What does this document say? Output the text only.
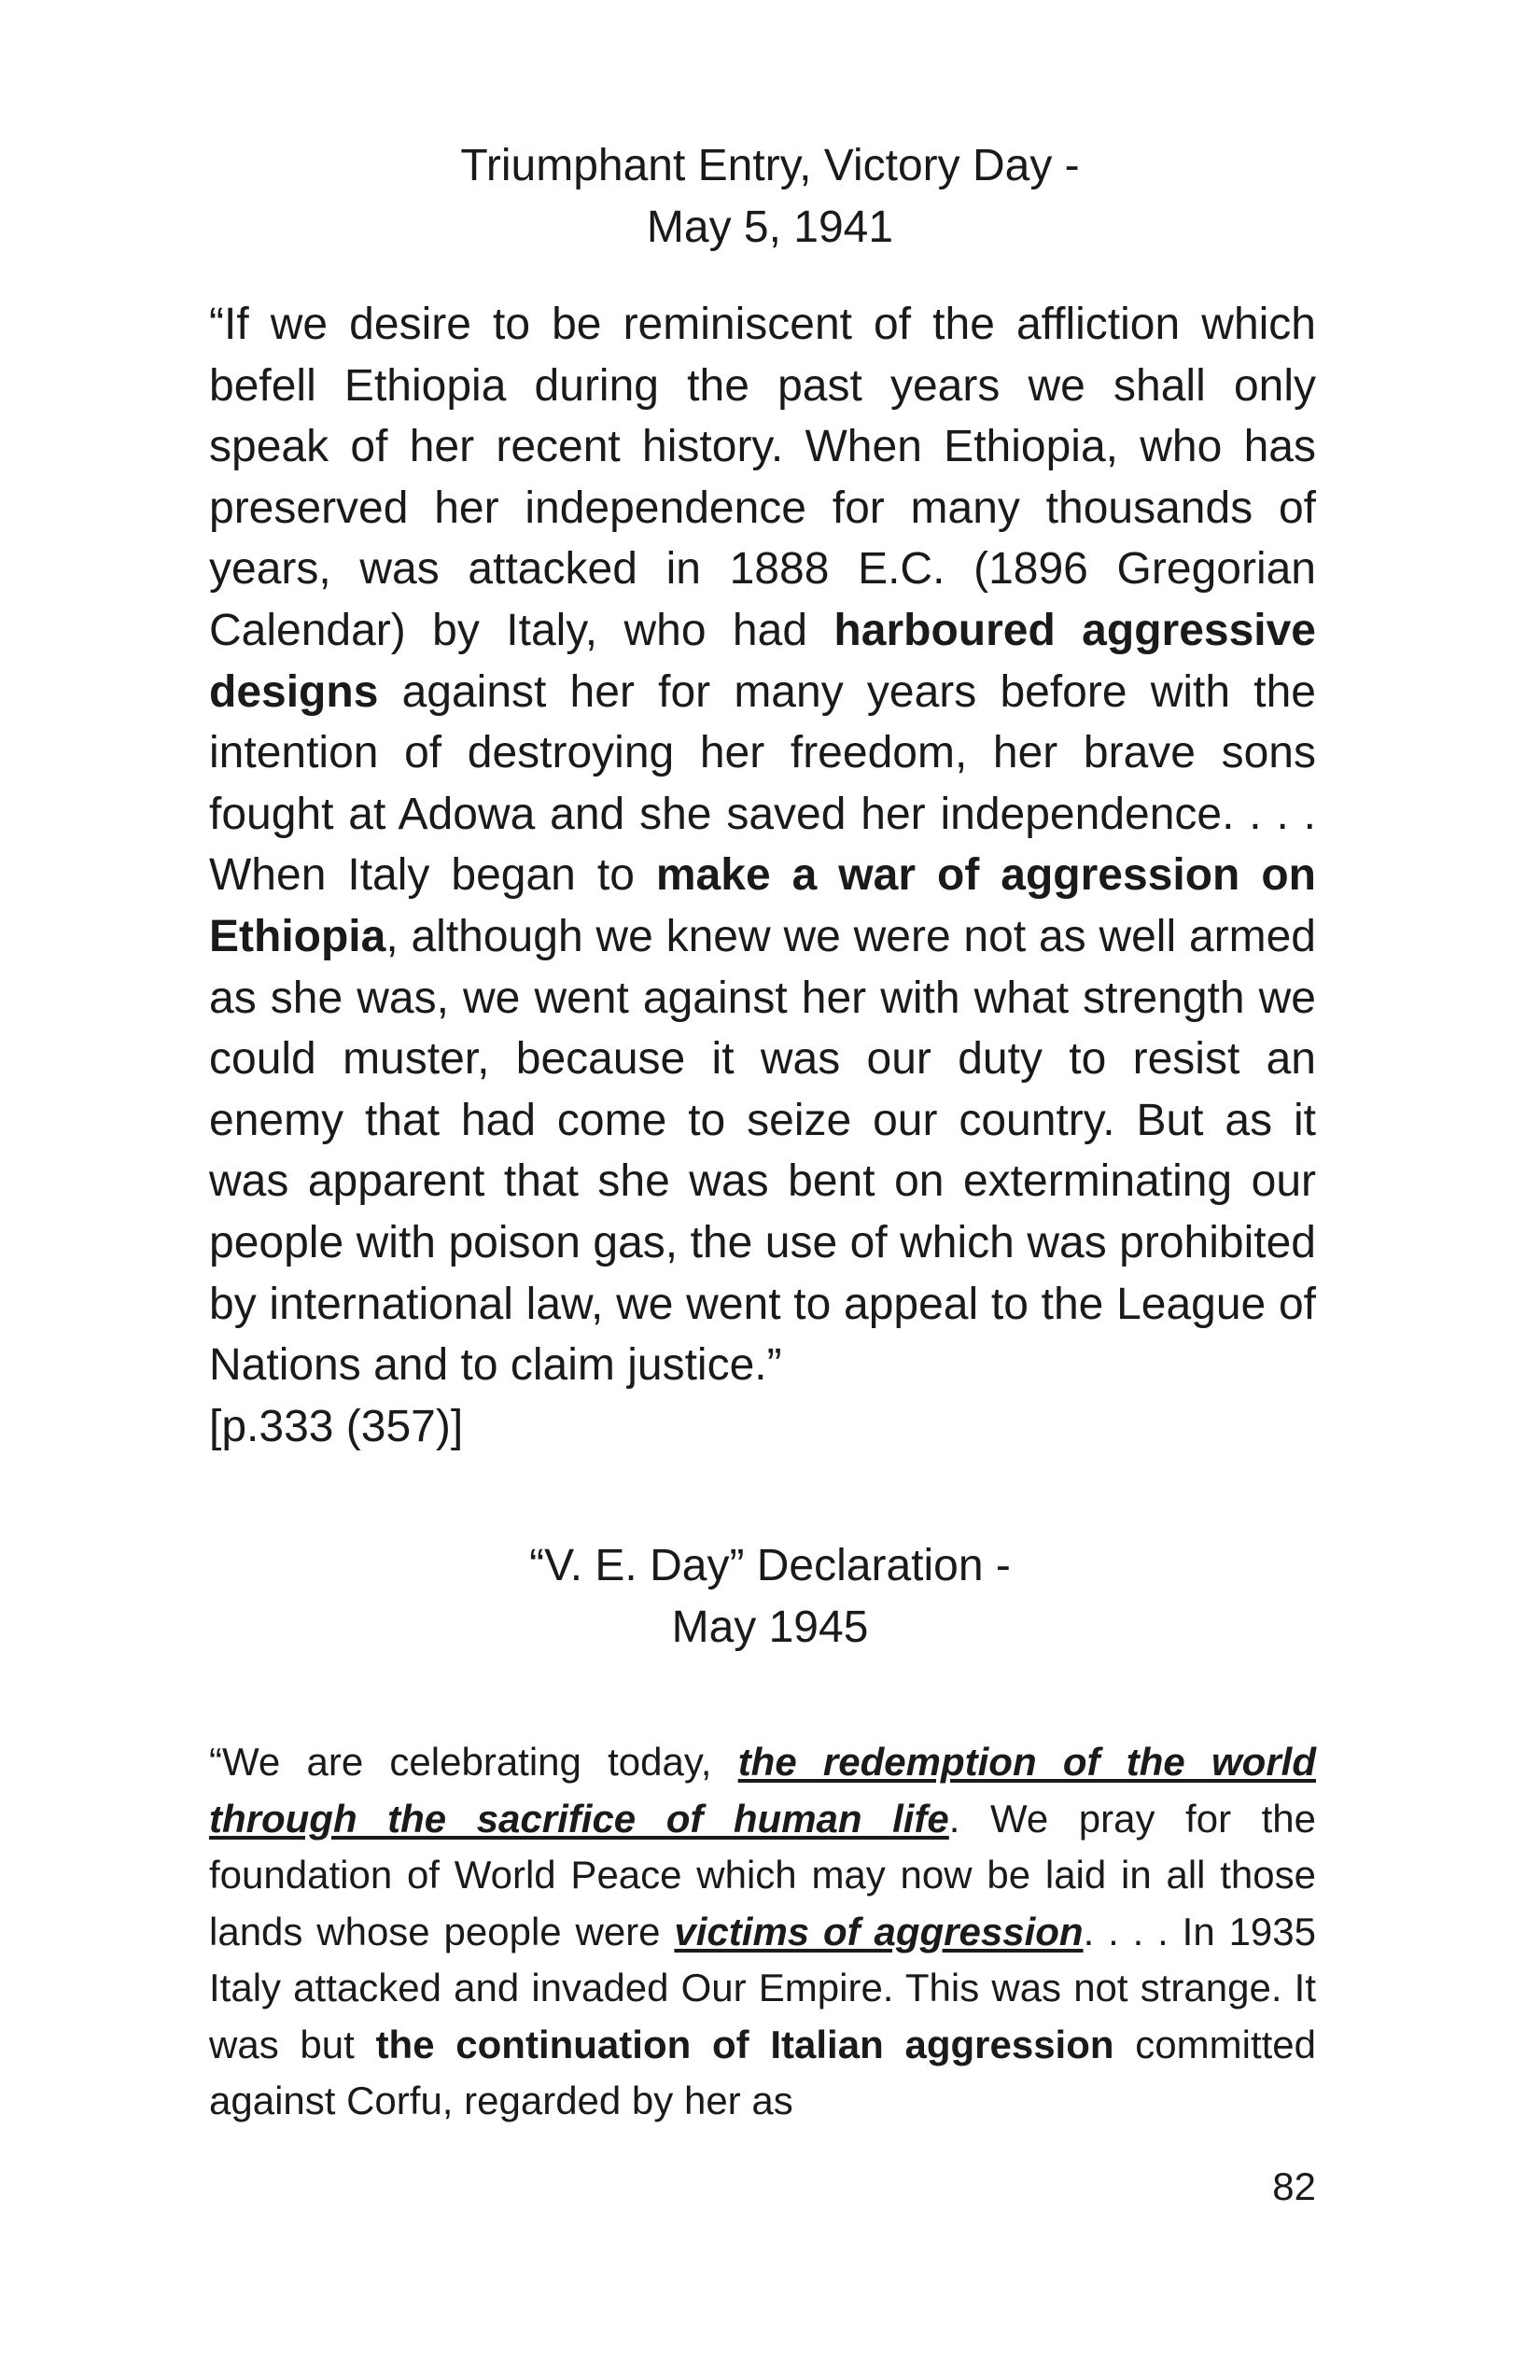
Triumphant Entry, Victory Day -
May 5, 1941

“If we desire to be reminiscent of the affliction which befell Ethiopia during the past years we shall only speak of her recent history. When Ethiopia, who has preserved her independence for many thousands of years, was attacked in 1888 E.C. (1896 Gregorian Calendar) by Italy, who had harboured aggressive designs against her for many years before with the intention of destroying her freedom, her brave sons fought at Adowa and she saved her independence. . . . When Italy began to make a war of aggression on Ethiopia, although we knew we were not as well armed as she was, we went against her with what strength we could muster, because it was our duty to resist an enemy that had come to seize our country. But as it was apparent that she was bent on exterminating our people with poison gas, the use of which was prohibited by international law, we went to appeal to the League of Nations and to claim justice.”
[p.333 (357)]

“V. E. Day” Declaration -
May 1945

“We are celebrating today, the redemption of the world through the sacrifice of human life. We pray for the foundation of World Peace which may now be laid in all those lands whose people were victims of aggression. . . . In 1935 Italy attacked and invaded Our Empire. This was not strange. It was but the continuation of Italian aggression committed against Corfu, regarded by her as

82
